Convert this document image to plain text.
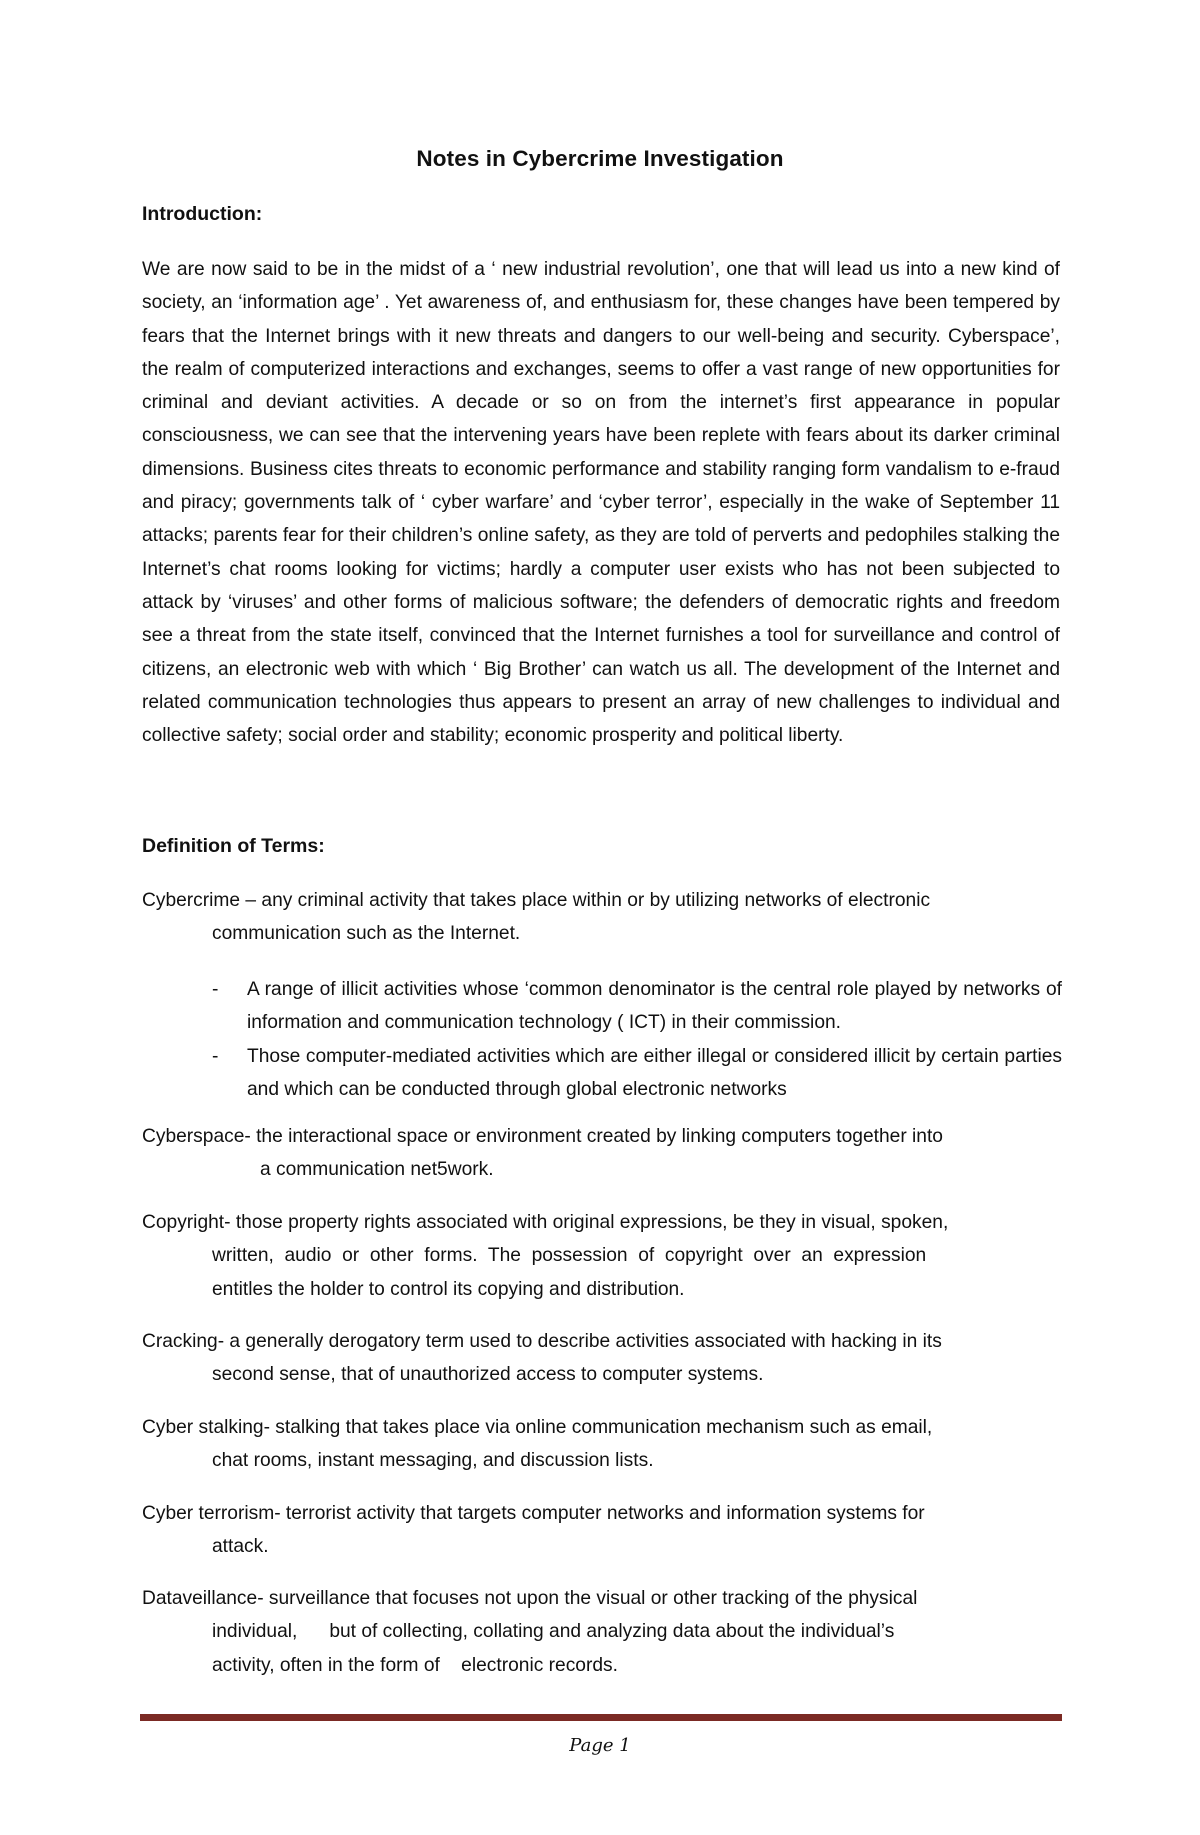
Notes in Cybercrime Investigation
Introduction:
We are now said to be in the midst of a ‘ new industrial revolution’, one that will lead us into a new kind of society, an ‘information age’ . Yet awareness of, and enthusiasm for, these changes have been tempered by fears that the Internet brings with it new threats and dangers to our well-being and security. Cyberspace’, the realm of computerized interactions and exchanges, seems to offer a vast range of new opportunities for criminal and deviant activities. A decade or so on from the internet’s first appearance in popular consciousness, we can see that the intervening years have been replete with fears about its darker criminal dimensions. Business cites threats to economic performance and stability ranging form vandalism to e-fraud and piracy; governments talk of ‘ cyber warfare’ and ‘cyber terror’, especially in the wake of September 11 attacks; parents fear for their children’s online safety, as they are told of perverts and pedophiles stalking the Internet’s chat rooms looking for victims; hardly a computer user exists who has not been subjected to attack by ‘viruses’ and other forms of malicious software; the defenders of democratic rights and freedom see a threat from the state itself, convinced that the Internet furnishes a tool for surveillance and control of citizens, an electronic web with which ‘ Big Brother’ can watch us all. The development of the Internet and related communication technologies thus appears to present an array of new challenges to individual and collective safety; social order and stability; economic prosperity and political liberty.
Definition of Terms:
Cybercrime – any criminal activity that takes place within or by utilizing networks of electronic
communication such as the Internet.
- A range of illicit activities whose ‘common denominator is the central role played by networks of information and communication technology ( ICT) in their commission.
- Those computer-mediated activities which are either illegal or considered illicit by certain parties and which can be conducted through global electronic networks
Cyberspace- the interactional space or environment created by linking computers together into
a communication net5work.
Copyright- those property rights associated with original expressions, be they in visual, spoken,
written,  audio  or  other  forms.  The  possession  of  copyright  over  an  expression
entitles the holder to control its copying and distribution.
Cracking- a generally derogatory term used to describe activities associated with hacking in its
second sense, that of unauthorized access to computer systems.
Cyber stalking- stalking that takes place via online communication mechanism such as email,
chat rooms, instant messaging, and discussion lists.
Cyber terrorism- terrorist activity that targets computer networks and information systems for
attack.
Dataveillance- surveillance that focuses not upon the visual or other tracking of the physical
individual,      but of collecting, collating and analyzing data about the individual’s
activity, often in the form of    electronic records.
Page 1
